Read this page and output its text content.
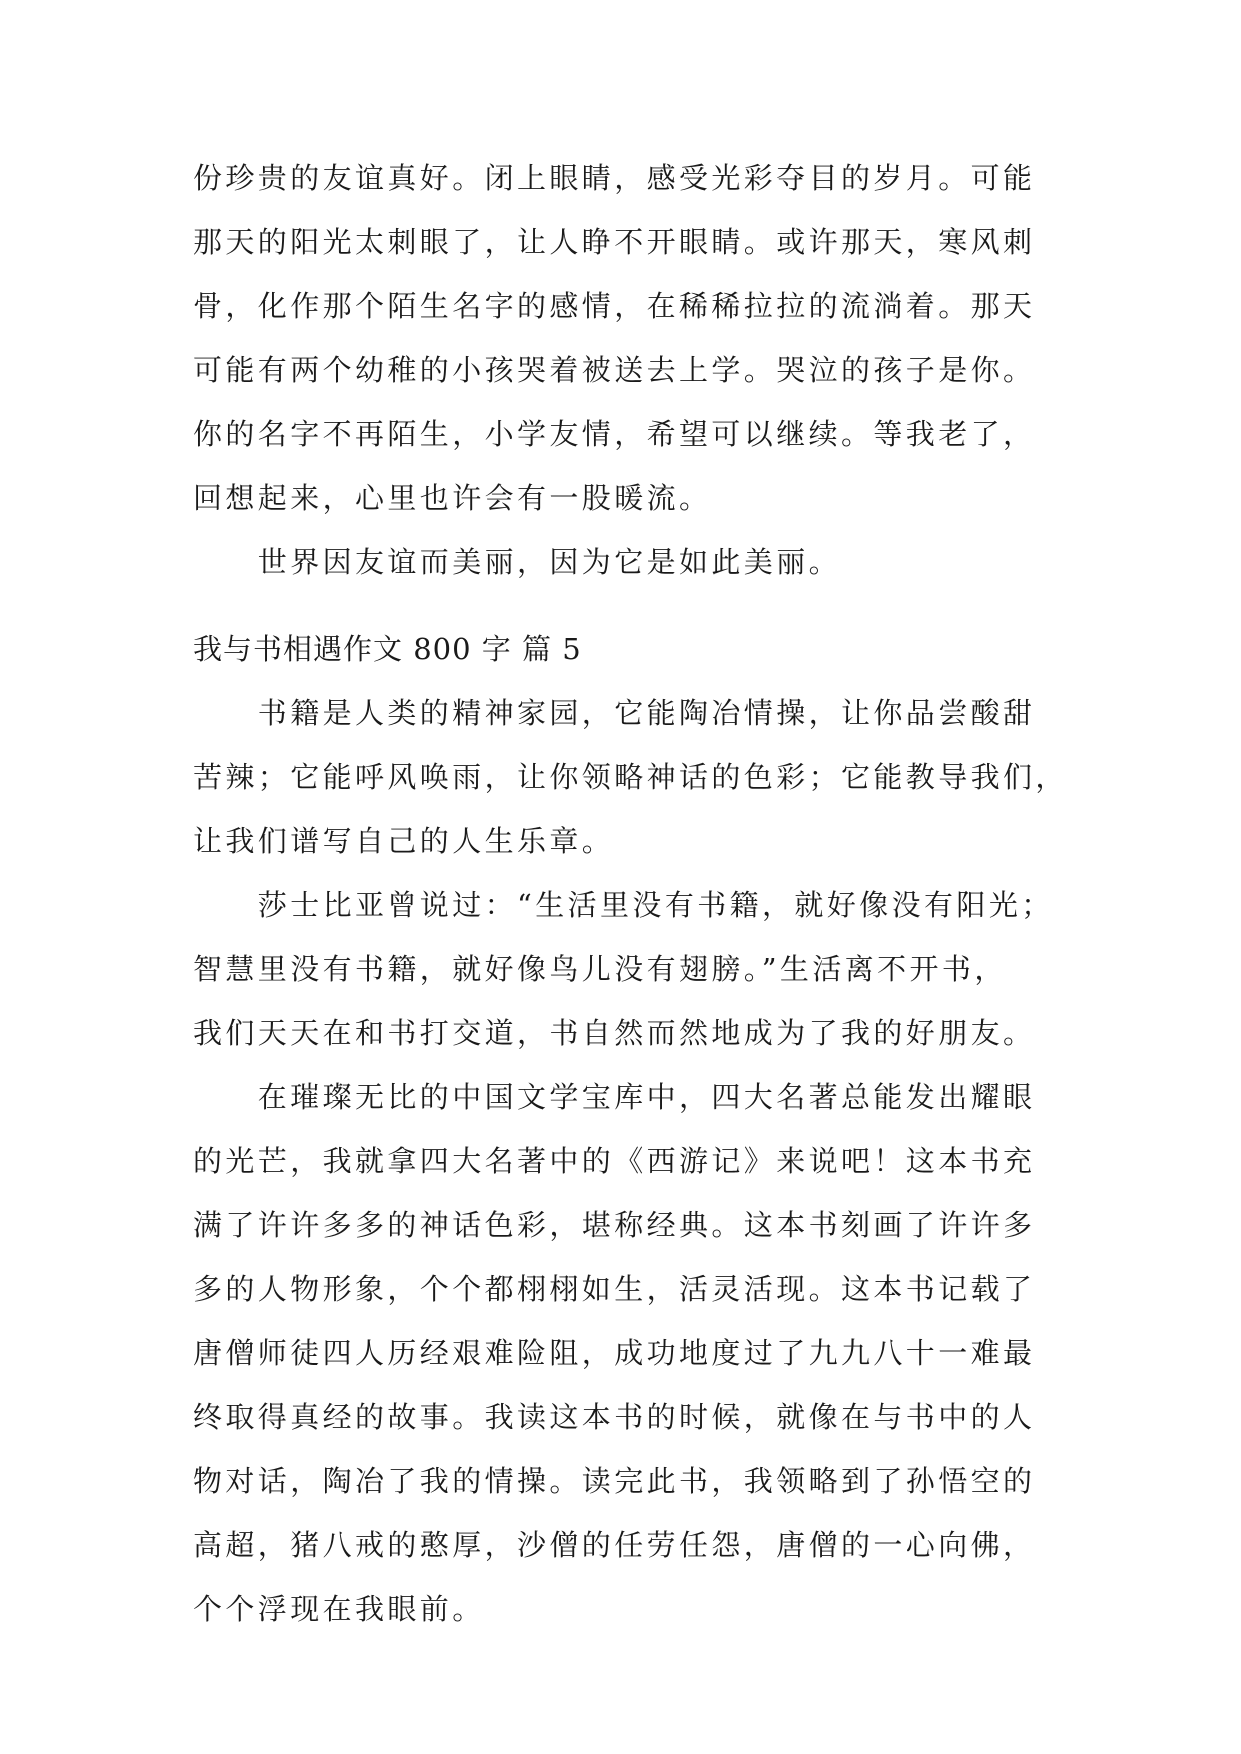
份珍贵的友谊真好。闭上眼睛，感受光彩夺目的岁月。可能
那天的阳光太刺眼了，让人睁不开眼睛。或许那天，寒风刺
骨，化作那个陌生名字的感情，在稀稀拉拉的流淌着。那天
可能有两个幼稚的小孩哭着被送去上学。哭泣的孩子是你。
你的名字不再陌生，小学友情，希望可以继续。等我老了，
回想起来，心里也许会有一股暖流。
　　世界因友谊而美丽，因为它是如此美丽。
我与书相遇作文 800 字 篇 5
　　书籍是人类的精神家园，它能陶冶情操，让你品尝酸甜
苦辣；它能呼风唤雨，让你领略神话的色彩；它能教导我们，
让我们谱写自己的人生乐章。
　　莎士比亚曾说过：“生活里没有书籍，就好像没有阳光；
智慧里没有书籍，就好像鸟儿没有翅膀。”生活离不开书，
我们天天在和书打交道，书自然而然地成为了我的好朋友。
　　在璀璨无比的中国文学宝库中，四大名著总能发出耀眼
的光芒，我就拿四大名著中的《西游记》来说吧！这本书充
满了许许多多的神话色彩，堪称经典。这本书刻画了许许多
多的人物形象，个个都栩栩如生，活灵活现。这本书记载了
唐僧师徒四人历经艰难险阻，成功地度过了九九八十一难最
终取得真经的故事。我读这本书的时候，就像在与书中的人
物对话，陶冶了我的情操。读完此书，我领略到了孙悟空的
高超，猪八戒的憨厚，沙僧的任劳任怨，唐僧的一心向佛，
个个浮现在我眼前。
